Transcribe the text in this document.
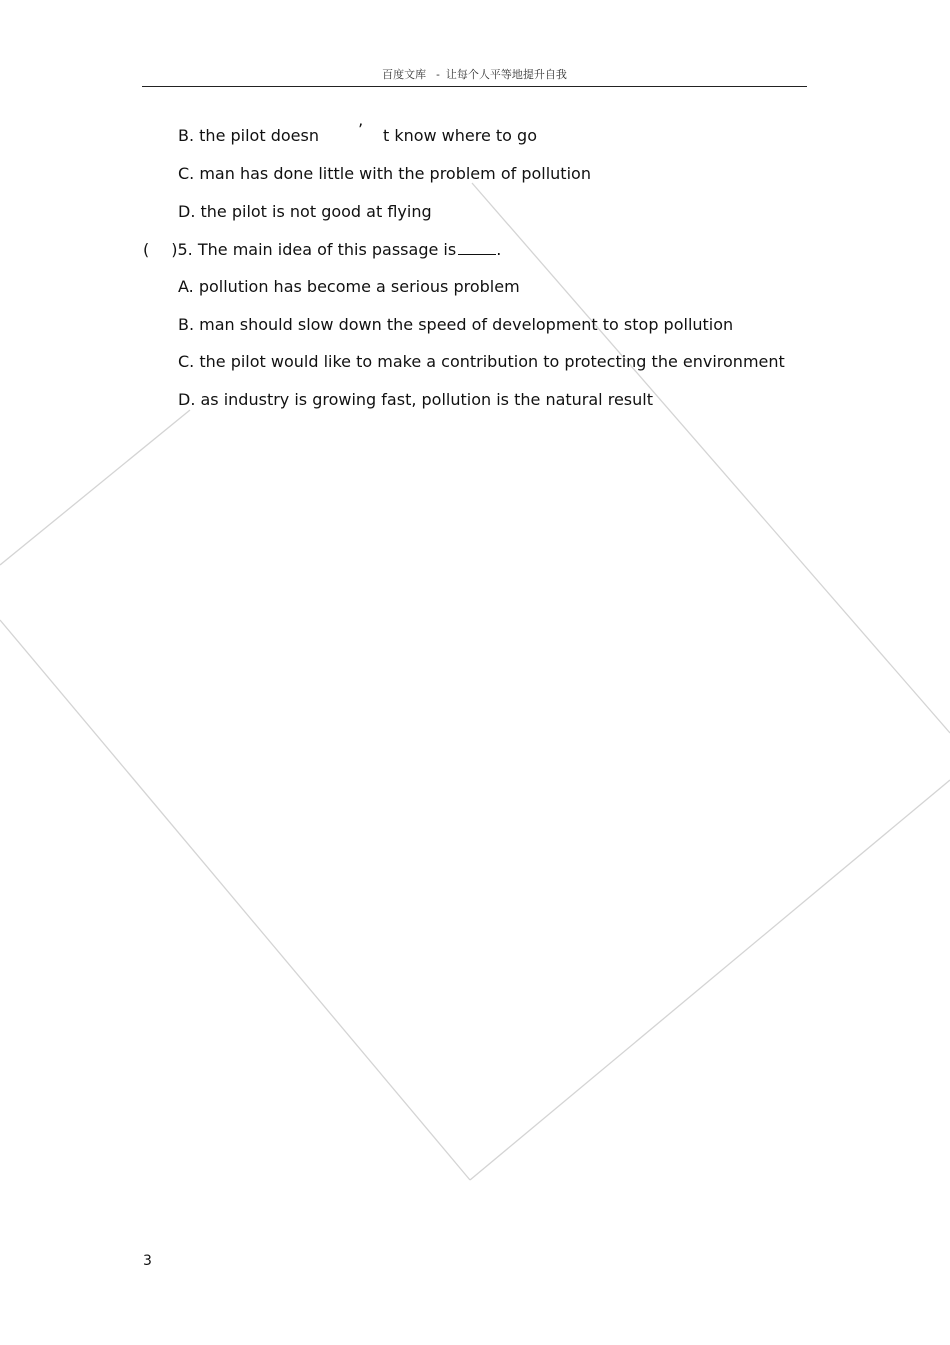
百度文库 - 让每个人平等地提升自我
B. the pilot doesn	t know where to go
’
C. man has done little with the problem of pollution
D. the pilot is not good at flying
( )5. The main idea of this passage is	.
A. pollution has become a serious problem
B. man should slow down the speed of development to stop pollution
C. the pilot would like to make a contribution to protecting the environment
D. as industry is growing fast, pollution is the natural result
3
